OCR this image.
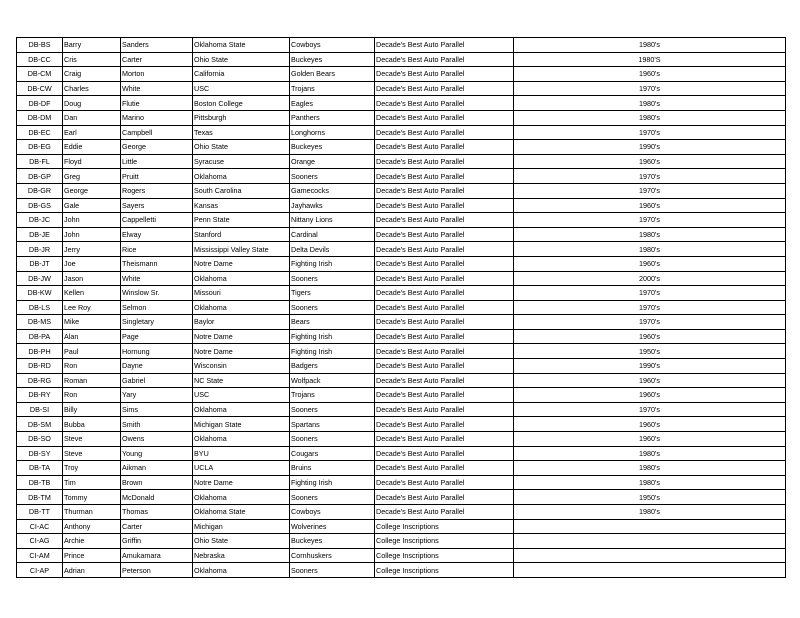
DB-BS	Barry	Sanders	Oklahoma State	Cowboys	Decade's Best Auto Parallel	1980's
DB-CC	Cris	Carter	Ohio State	Buckeyes	Decade's Best Auto Parallel	1980'S
DB-CM	Craig	Morton	California	Golden Bears	Decade's Best Auto Parallel	1960's
DB-CW	Charles	White	USC	Trojans	Decade's Best Auto Parallel	1970's
DB-DF	Doug	Flutie	Boston College	Eagles	Decade's Best Auto Parallel	1980's
DB-DM	Dan	Marino	Pittsburgh	Panthers	Decade's Best Auto Parallel	1980's
DB-EC	Earl	Campbell	Texas	Longhorns	Decade's Best Auto Parallel	1970's
DB-EG	Eddie	George	Ohio State	Buckeyes	Decade's Best Auto Parallel	1990's
DB-FL	Floyd	Little	Syracuse	Orange	Decade's Best Auto Parallel	1960's
DB-GP	Greg	Pruitt	Oklahoma	Sooners	Decade's Best Auto Parallel	1970's
DB-GR	George	Rogers	South Carolina	Gamecocks	Decade's Best Auto Parallel	1970's
DB-GS	Gale	Sayers	Kansas	Jayhawks	Decade's Best Auto Parallel	1960's
DB-JC	John	Cappelletti	Penn State	Nittany Lions	Decade's Best Auto Parallel	1970's
DB-JE	John	Elway	Stanford	Cardinal	Decade's Best Auto Parallel	1980's
DB-JR	Jerry	Rice	Mississippi Valley State	Delta Devils	Decade's Best Auto Parallel	1980's
DB-JT	Joe	Theismann	Notre Dame	Fighting Irish	Decade's Best Auto Parallel	1960's
DB-JW	Jason	White	Oklahoma	Sooners	Decade's Best Auto Parallel	2000's
DB-KW	Kellen	Winslow Sr.	Missouri	Tigers	Decade's Best Auto Parallel	1970's
DB-LS	Lee Roy	Selmon	Oklahoma	Sooners	Decade's Best Auto Parallel	1970's
DB-MS	Mike	Singletary	Baylor	Bears	Decade's Best Auto Parallel	1970's
DB-PA	Alan	Page	Notre Dame	Fighting Irish	Decade's Best Auto Parallel	1960's
DB-PH	Paul	Hornung	Notre Dame	Fighting Irish	Decade's Best Auto Parallel	1950's
DB-RD	Ron	Dayne	Wisconsin	Badgers	Decade's Best Auto Parallel	1990's
DB-RG	Roman	Gabriel	NC State	Wolfpack	Decade's Best Auto Parallel	1960's
DB-RY	Ron	Yary	USC	Trojans	Decade's Best Auto Parallel	1960's
DB-SI	Billy	Sims	Oklahoma	Sooners	Decade's Best Auto Parallel	1970's
DB-SM	Bubba	Smith	Michigan State	Spartans	Decade's Best Auto Parallel	1960's
DB-SO	Steve	Owens	Oklahoma	Sooners	Decade's Best Auto Parallel	1960's
DB-SY	Steve	Young	BYU	Cougars	Decade's Best Auto Parallel	1980's
DB-TA	Troy	Aikman	UCLA	Bruins	Decade's Best Auto Parallel	1980's
DB-TB	Tim	Brown	Notre Dame	Fighting Irish	Decade's Best Auto Parallel	1980's
DB-TM	Tommy	McDonald	Oklahoma	Sooners	Decade's Best Auto Parallel	1950's
DB-TT	Thurman	Thomas	Oklahoma State	Cowboys	Decade's Best Auto Parallel	1980's
CI-AC	Anthony	Carter	Michigan	Wolverines	College Inscriptions	
CI-AG	Archie	Griffin	Ohio State	Buckeyes	College Inscriptions	
CI-AM	Prince	Amukamara	Nebraska	Cornhuskers	College Inscriptions	
CI-AP	Adrian	Peterson	Oklahoma	Sooners	College Inscriptions	
